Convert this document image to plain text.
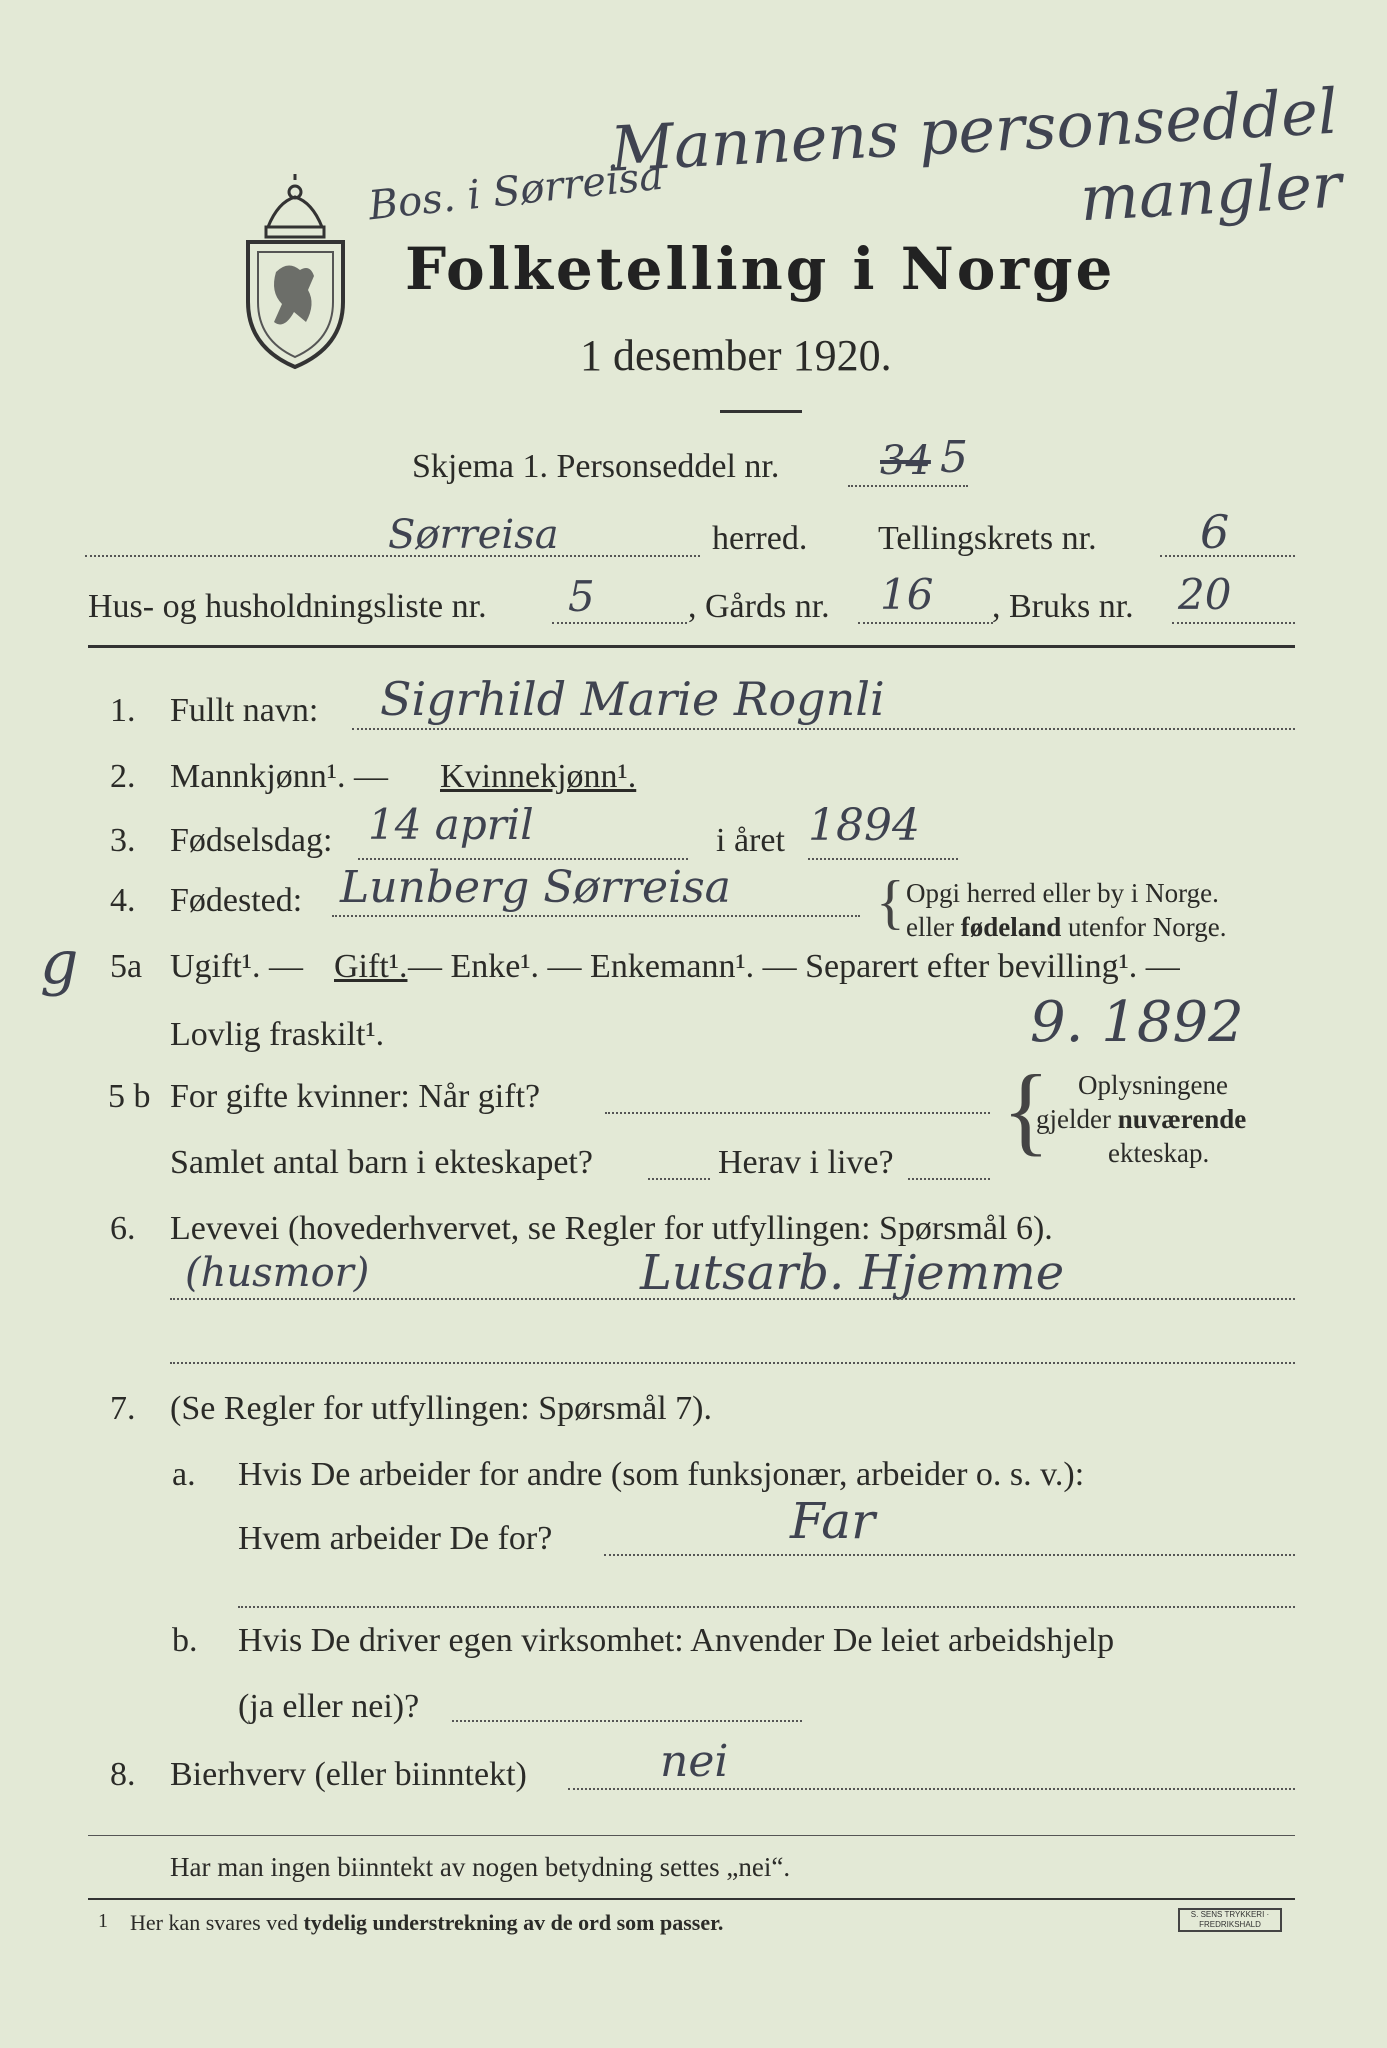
Mannens personseddel mangler
Bos. i Sørreisa
Folketelling i Norge
1 desember 1920.
Skjema 1. Personseddel nr.	34 5
Sørreisa	herred. Tellingskrets nr. 6
Hus- og husholdningsliste nr. 5	, Gårds nr. 16 , Bruks nr. 20
1. Fullt navn: Sigrhild Marie Rognli
2. Mannkjønn¹. — Kvinnekjønn¹.
3. Fødselsdag: 14 april	i året 1894
4. Fødested: Lunberg Sørreisa { Opgi herred eller by i Norge.
eller fødeland utenfor Norge.
g 5a Ugift¹. — Gift¹. — Enke¹. — Enkemann¹. — Separert efter bevilling¹. —
Lovlig fraskilt¹.	9. 1892
5 b For gifte kvinner: Når gift?
Samlet antal barn i ekteskapet?	Herav i live? { Oplysningene
gjelder nuværende
ekteskap.
6. Levevei (hovederhvervet, se Regler for utfyllingen: Spørsmål 6).
(husmor)	Lutsarb. Hjemme
7. (Se Regler for utfyllingen: Spørsmål 7).
a. Hvis De arbeider for andre (som funksjonær, arbeider o. s. v.):
Hvem arbeider De for?	Far
b. Hvis De driver egen virksomhet: Anvender De leiet arbeidshjelp
(ja eller nei)?
8. Bierhverv (eller biinntekt)	nei
Har man ingen biinntekt av nogen betydning settes „nei“.
1 Her kan svares ved tydelig understrekning av de ord som passer.	S. SENS TRYKKERI · FREDRIKSHALD
